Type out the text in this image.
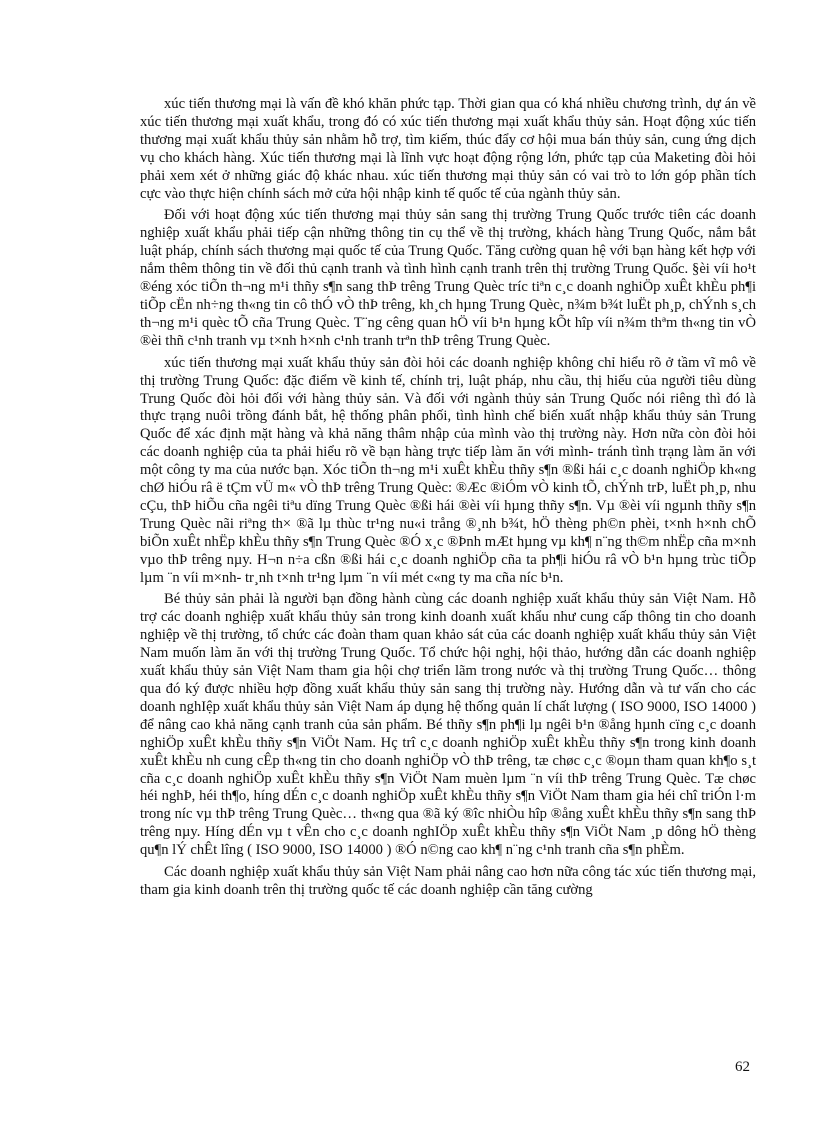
xúc tiến thương mại là vấn đề khó khăn phức tạp. Thời gian qua có khá nhiều chương trình, dự án về xúc tiến thương mại xuất khẩu, trong đó có xúc tiến thương mại xuất khẩu thủy sản. Hoạt động xúc tiến thương mại xuất khẩu thủy sản nhằm hỗ trợ, tìm kiếm, thúc đẩy cơ hội mua bán thủy sản, cung ứng dịch vụ cho khách hàng. Xúc tiến thương mại là lĩnh vực hoạt động rộng lớn, phức tạp của Maketing đòi hỏi phải xem xét ở những giác độ khác nhau. xúc tiến thương mại thủy sản có vai trò to lớn góp phần tích cực vào thực hiện chính sách mở cửa hội nhập kinh tế quốc tế của ngành thủy sản.

Đối với hoạt động xúc tiến thương mại thủy sản sang thị trường Trung Quốc trước tiên các doanh nghiệp xuất khẩu phải tiếp cận những thông tin cụ thể về thị trường, khách hàng Trung Quốc, nắm bắt luật pháp, chính sách thương mại quốc tế của Trung Quốc. Tăng cường quan hệ với bạn hàng kết hợp với nắm thêm thông tin về đối thủ cạnh tranh và tình hình cạnh tranh trên thị trường Trung Quốc. §èi víi ho¹t ®éng xóc tiÕn th¬ng m¹i thñy s¶n sang thÞ trêng Trung Quèc tríc tiªn c¸c doanh nghiÖp xuÊt khÈu ph¶i tiÕp cËn nh÷ng th«ng tin cô thÓ vÒ thÞ trêng, kh¸ch hµng Trung Quèc, n¾m b¾t luËt ph¸p, chÝnh s¸ch th¬ng m¹i quèc tÕ cña Trung Quèc. T¨ng cêng quan hÖ víi b¹n hµng kÕt hîp víi n¾m thªm th«ng tin vÒ ®èi thñ c¹nh tranh vµ t×nh h×nh c¹nh tranh trªn thÞ trêng Trung Quèc.

xúc tiến thương mại xuất khẩu thủy sản đòi hỏi các doanh nghiệp không chỉ hiểu rõ ở tầm vĩ mô về thị trường Trung Quốc: đặc điểm về kinh tế, chính trị, luật pháp, nhu cầu, thị hiếu của người tiêu dùng Trung Quốc đòi hỏi đối với hàng thủy sản. Và đối với ngành thủy sản Trung Quốc nói riêng thì đó là thực trạng nuôi trồng đánh bắt, hệ thống phân phối, tình hình chế biến xuất nhập khẩu thủy sản Trung Quốc để xác định mặt hàng và khả năng thâm nhập của mình vào thị trường này. Hơn nữa còn đòi hỏi các doanh nghiệp của ta phải hiểu rõ về bạn hàng trực tiếp làm ăn với mình- tránh tình trạng làm ăn với một công ty ma của nước bạn. Xóc tiÕn th¬ng m¹i xuÊt khÈu thñy s¶n ®ßi hái c¸c doanh nghiÖp kh«ng chØ hiÓu râ ë tÇm vÜ m« vÒ thÞ trêng Trung Quèc: ®Æc ®iÓm vÒ kinh tÕ, chÝnh trÞ, luËt ph¸p, nhu cÇu, thÞ hiÕu cña ngêi tiªu dïng Trung Quèc ®ßi hái ®èi víi hµng thñy s¶n. Vµ ®èi víi ngµnh thñy s¶n Trung Quèc nãi riªng th× ®ã lµ thùc tr¹ng nu«i trång ®¸nh b¾t, hÖ thèng ph©n phèi, t×nh h×nh chÕ biÕn xuÊt nhËp khÈu thñy s¶n Trung Quèc ®Ó x¸c ®Þnh mÆt hµng vµ kh¶ n¨ng th©m nhËp cña m×nh vµo thÞ trêng nµy. H¬n n÷a cßn ®ßi hái c¸c doanh nghiÖp cña ta ph¶i hiÓu râ vÒ b¹n hµng trùc tiÕp lµm ¨n víi m×nh- tr¸nh t×nh tr¹ng lµm ¨n víi mét c«ng ty ma cña níc b¹n.

Bé thủy sản phải là người bạn đồng hành cùng các doanh nghiệp xuất khẩu thủy sản Việt Nam. Hỗ trợ các doanh nghiệp xuất khẩu thủy sản trong kinh doanh xuất khẩu như cung cấp thông tin cho doanh nghiệp về thị trường, tổ chức các đoàn tham quan khảo sát của các doanh nghiệp xuất khẩu thủy sản Việt Nam muốn làm ăn với thị trường Trung Quốc. Tổ chức hội nghị, hội thảo, hướng dẫn các doanh nghiệp xuất khẩu thủy sản Việt Nam tham gia hội chợ triển lãm trong nước và thị trường Trung Quốc… thông qua đó ký được nhiều hợp đồng xuất khẩu thủy sản sang thị trường này. Hướng dẫn và tư vấn cho các doanh nghIệp xuất khẩu thủy sản Việt Nam áp dụng hệ thống quản lí chất lượng ( ISO 9000, ISO 14000 ) để nâng cao khả năng cạnh tranh của sản phẩm. Bé thñy s¶n ph¶i lµ ngêi b¹n ®ång hµnh cïng c¸c doanh nghiÖp xuÊt khÈu thñy s¶n ViÖt Nam. Hç trî c¸c doanh nghiÖp xuÊt khÈu thñy s¶n trong kinh doanh xuÊt khÈu nh cung cÊp th«ng tin cho doanh nghiÖp vÒ thÞ trêng, tæ chøc c¸c ®oµn tham quan kh¶o s¸t cña c¸c doanh nghiÖp xuÊt khÈu thñy s¶n ViÖt Nam muèn lµm ¨n víi thÞ trêng Trung Quèc. Tæ chøc héi nghÞ, héi th¶o, híng dÉn c¸c doanh nghiÖp xuÊt khÈu thñy s¶n ViÖt Nam tham gia héi chî triÓn l·m trong níc vµ thÞ trêng Trung Quèc… th«ng qua ®ã ký ®îc nhiÒu hîp ®ång xuÊt khÈu thñy s¶n sang thÞ trêng nµy. Híng dÉn vµ t vÊn cho c¸c doanh nghIÖp xuÊt khÈu thñy s¶n ViÖt Nam ¸p dông hÖ thèng qu¶n lÝ chÊt lîng ( ISO 9000, ISO 14000 ) ®Ó n©ng cao kh¶ n¨ng c¹nh tranh cña s¶n phÈm.

Các doanh nghiệp xuất khẩu thủy sản Việt Nam phải nâng cao hơn nữa công tác xúc tiến thương mại, tham gia kinh doanh trên thị trường quốc tế các doanh nghiệp cần tăng cường

62
